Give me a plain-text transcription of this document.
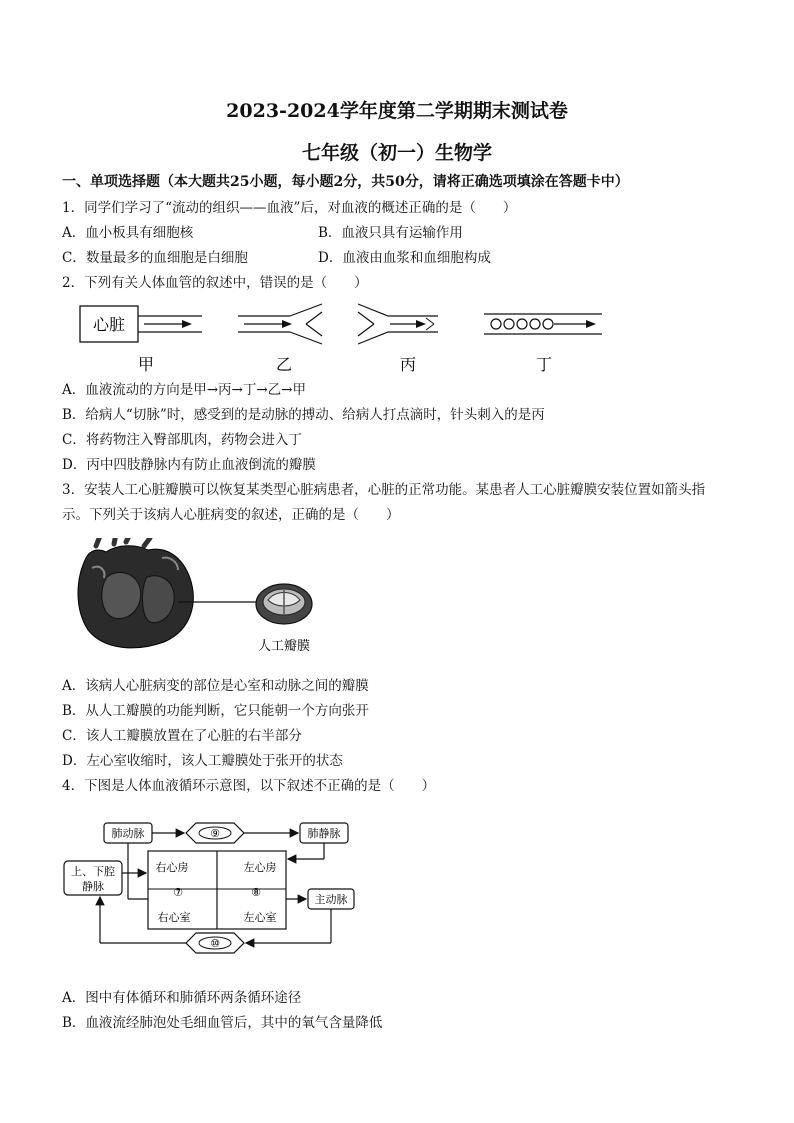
2023-2024学年度第二学期期末测试卷
七年级（初一）生物学
一、单项选择题（本大题共25小题，每小题2分，共50分，请将正确选项填涂在答题卡中）
1．同学们学习了“流动的组织——血液”后，对血液的概述正确的是（　　）
A．血小板具有细胞核	B．血液只具有运输作用
C．数量最多的血细胞是白细胞	D．血液由血浆和血细胞构成
2．下列有关人体血管的叙述中，错误的是（　　）
心脏
甲	乙	丙	丁
A．血液流动的方向是甲→丙→丁→乙→甲
B．给病人“切脉”时，感受到的是动脉的搏动、给病人打点滴时，针头刺入的是丙
C．将药物注入臀部肌肉，药物会进入丁
D．丙中四肢静脉内有防止血液倒流的瓣膜
3．安装人工心脏瓣膜可以恢复某类型心脏病患者，心脏的正常功能。某患者人工心脏瓣膜安装位置如箭头指
示。下列关于该病人心脏病变的叙述，正确的是（　　）
人工瓣膜
A．该病人心脏病变的部位是心室和动脉之间的瓣膜
B．从人工瓣膜的功能判断，它只能朝一个方向张开
C．该人工瓣膜放置在了心脏的右半部分
D．左心室收缩时，该人工瓣膜处于张开的状态
4．下图是人体血液循环示意图，以下叙述不正确的是（　　）
肺动脉	⑨	肺静脉
右心房	左心房
右心室	左心室
⑦	⑧
上、下腔
静脉
主动脉
⑩
A．图中有体循环和肺循环两条循环途径
B．血液流经肺泡处毛细血管后，其中的氧气含量降低
